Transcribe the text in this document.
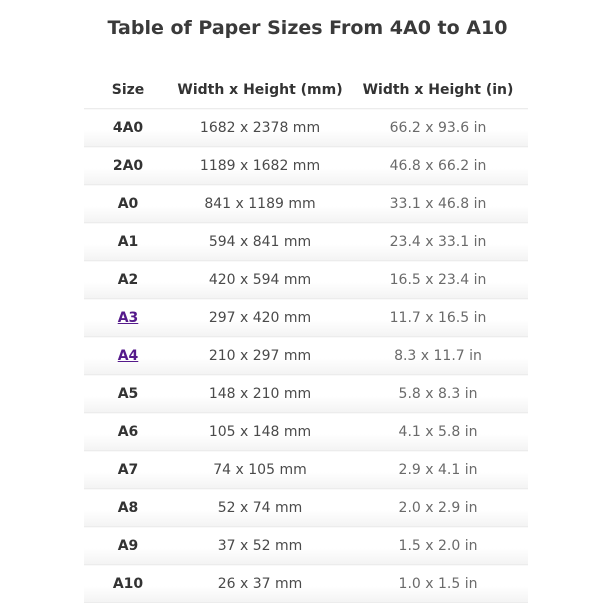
Table of Paper Sizes From 4A0 to A10
Size	Width x Height (mm)	Width x Height (in)
4A0	1682 x 2378 mm	66.2 x 93.6 in
2A0	1189 x 1682 mm	46.8 x 66.2 in
A0	841 x 1189 mm	33.1 x 46.8 in
A1	594 x 841 mm	23.4 x 33.1 in
A2	420 x 594 mm	16.5 x 23.4 in
A3	297 x 420 mm	11.7 x 16.5 in
A4	210 x 297 mm	8.3 x 11.7 in
A5	148 x 210 mm	5.8 x 8.3 in
A6	105 x 148 mm	4.1 x 5.8 in
A7	74 x 105 mm	2.9 x 4.1 in
A8	52 x 74 mm	2.0 x 2.9 in
A9	37 x 52 mm	1.5 x 2.0 in
A10	26 x 37 mm	1.0 x 1.5 in
